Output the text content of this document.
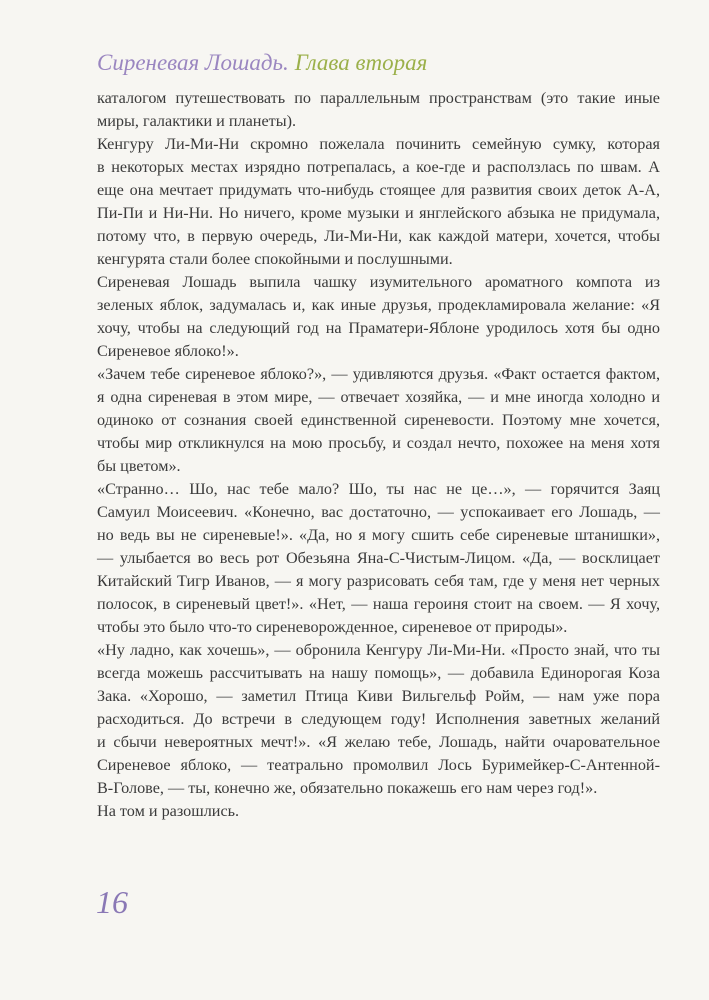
Сиреневая Лошадь. Глава вторая
каталогом путешествовать по параллельным пространствам (это такие иные
миры, галактики и планеты).
Кенгуру Ли-Ми-Ни скромно пожелала починить семейную сумку, которая
в некоторых местах изрядно потрепалась, а кое-где и расползлась по швам. А
еще она мечтает придумать что-нибудь стоящее для развития своих деток А-А,
Пи-Пи и Ни-Ни. Но ничего, кроме музыки и янглейского абзыка не придумала,
потому что, в первую очередь, Ли-Ми-Ни, как каждой матери, хочется, чтобы
кенгурята стали более спокойными и послушными.
Сиреневая Лошадь выпила чашку изумительного ароматного компота из
зеленых яблок, задумалась и, как иные друзья, продекламировала желание: «Я
хочу, чтобы на следующий год на Праматери-Яблоне уродилось хотя бы одно
Сиреневое яблоко!».
«Зачем тебе сиреневое яблоко?», — удивляются друзья. «Факт остается фактом,
я одна сиреневая в этом мире, — отвечает хозяйка, — и мне иногда холодно и
одиноко от сознания своей единственной сиреневости. Поэтому мне хочется,
чтобы мир откликнулся на мою просьбу, и создал нечто, похожее на меня хотя
бы цветом».
«Странно… Шо, нас тебе мало? Шо, ты нас не це…», — горячится Заяц
Самуил Моисеевич. «Конечно, вас достаточно, — успокаивает его Лошадь, —
но ведь вы не сиреневые!». «Да, но я могу сшить себе сиреневые штанишки»,
— улыбается во весь рот Обезьяна Яна-С-Чистым-Лицом. «Да, — восклицает
Китайский Тигр Иванов, — я могу разрисовать себя там, где у меня нет черных
полосок, в сиреневый цвет!». «Нет, — наша героиня стоит на своем. — Я хочу,
чтобы это было что-то сиреневорожденное, сиреневое от природы».
«Ну ладно, как хочешь», — обронила Кенгуру Ли-Ми-Ни. «Просто знай, что ты
всегда можешь рассчитывать на нашу помощь», — добавила Единорогая Коза
Зака. «Хорошо, — заметил Птица Киви Вильгельф Ройм, — нам уже пора
расходиться. До встречи в следующем году! Исполнения заветных желаний
и сбычи невероятных мечт!». «Я желаю тебе, Лошадь, найти очаровательное
Сиреневое яблоко, — театрально промолвил Лось Буримейкер-С-Антенной-
В-Голове, — ты, конечно же, обязательно покажешь его нам через год!».
На том и разошлись.
16
